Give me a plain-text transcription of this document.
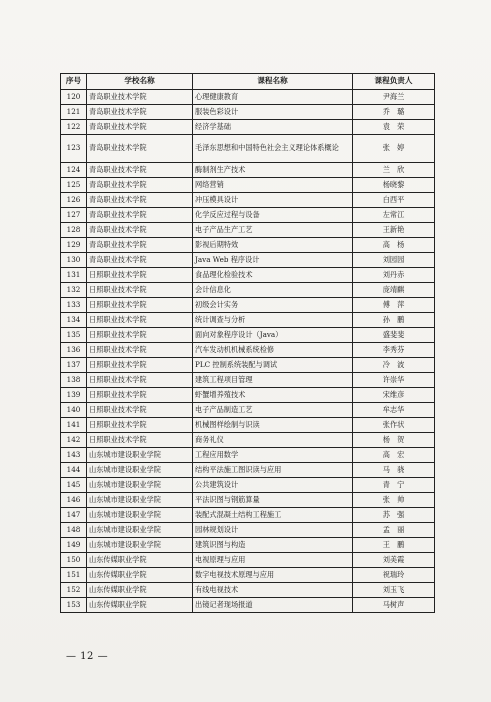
序号	学校名称	课程名称	课程负责人
120	青岛职业技术学院	心理健康教育	尹海兰
121	青岛职业技术学院	服装色彩设计	乔　璐
122	青岛职业技术学院	经济学基础	袁　荣
123	青岛职业技术学院	毛泽东思想和中国特色社会主义理论体系概论	张　婷
124	青岛职业技术学院	酶制剂生产技术	兰　欣
125	青岛职业技术学院	网络营销	杨晓黎
126	青岛职业技术学院	冲压模具设计	白西平
127	青岛职业技术学院	化学反应过程与设备	左常江
128	青岛职业技术学院	电子产品生产工艺	王新艳
129	青岛职业技术学院	影视后期特效	高　杨
130	青岛职业技术学院	Java Web 程序设计	刘园园
131	日照职业技术学院	食品理化检验技术	刘丹赤
132	日照职业技术学院	会计信息化	庞靖麒
133	日照职业技术学院	初级会计实务	傅　萍
134	日照职业技术学院	统计调查与分析	孙　鹏
135	日照职业技术学院	面向对象程序设计（Java）	盛斐斐
136	日照职业技术学院	汽车发动机机械系统检修	李秀芬
137	日照职业技术学院	PLC 控制系统装配与调试	冷　波
138	日照职业技术学院	建筑工程项目管理	许崇华
139	日照职业技术学院	虾蟹增养殖技术	宋维彦
140	日照职业技术学院	电子产品制造工艺	牟志华
141	日照职业技术学院	机械图样绘制与识读	张作状
142	日照职业技术学院	商务礼仪	杨　贺
143	山东城市建设职业学院	工程应用数学	高　宏
144	山东城市建设职业学院	结构平法施工图识读与应用	马　骁
145	山东城市建设职业学院	公共建筑设计	青　宁
146	山东城市建设职业学院	平法识图与钢筋算量	张　帅
147	山东城市建设职业学院	装配式混凝土结构工程施工	苏　强
148	山东城市建设职业学院	园林规划设计	孟　丽
149	山东城市建设职业学院	建筑识图与构造	王　鹏
150	山东传媒职业学院	电视原理与应用	刘美霞
151	山东传媒职业学院	数字电视技术原理与应用	祝瑞玲
152	山东传媒职业学院	有线电视技术	刘玉飞
153	山东传媒职业学院	出镜记者现场报道	马树声
— 12 —
